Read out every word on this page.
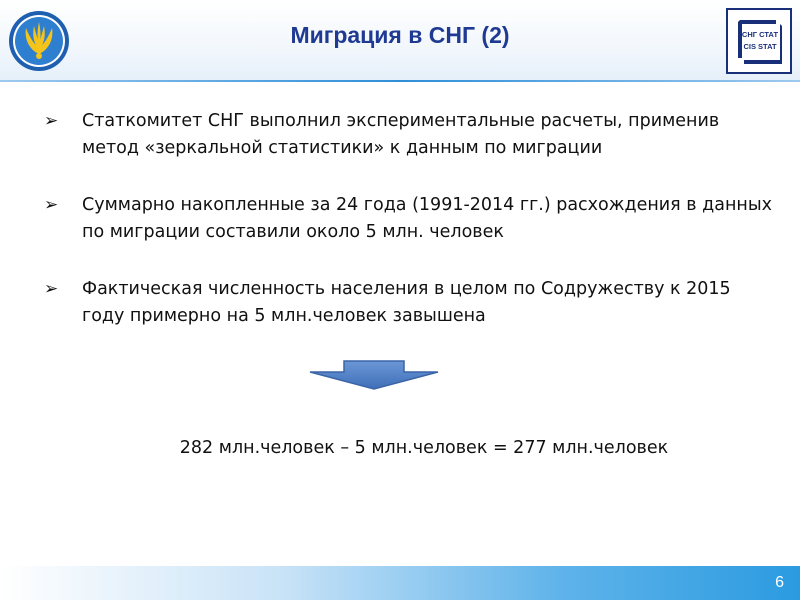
Миграция в СНГ (2)	СНГ СТАТ
CIS STAT
➢ Статкомитет СНГ выполнил экспериментальные расчеты, применив метод «зеркальной статистики» к данным по миграции
➢ Суммарно накопленные за 24 года (1991-2014 гг.) расхождения в данных по миграции составили около 5 млн. человек
➢ Фактическая численность населения в целом по Содружеству к 2015 году примерно на 5 млн.человек завышена
282 млн.человек – 5 млн.человек = 277 млн.человек
6
